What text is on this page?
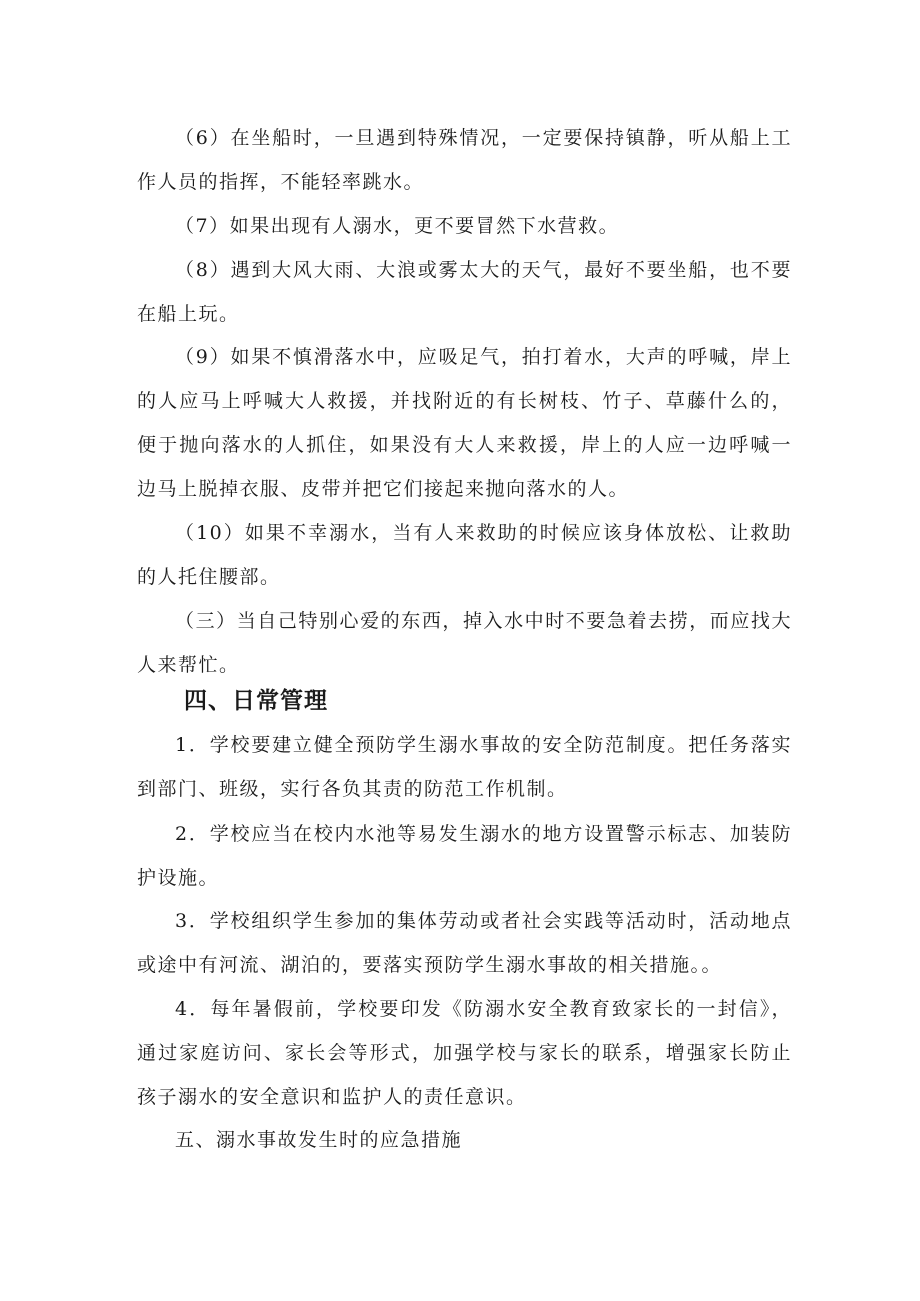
（6）在坐船时，一旦遇到特殊情况，一定要保持镇静，听从船上工作人员的指挥，不能轻率跳水。

（7）如果出现有人溺水，更不要冒然下水营救。

（8）遇到大风大雨、大浪或雾太大的天气，最好不要坐船，也不要在船上玩。

（9）如果不慎滑落水中，应吸足气，拍打着水，大声的呼喊，岸上的人应马上呼喊大人救援，并找附近的有长树枝、竹子、草藤什么的，便于抛向落水的人抓住，如果没有大人来救援，岸上的人应一边呼喊一边马上脱掉衣服、皮带并把它们接起来抛向落水的人。

（10）如果不幸溺水，当有人来救助的时候应该身体放松、让救助的人托住腰部。

（三）当自己特别心爱的东西，掉入水中时不要急着去捞，而应找大人来帮忙。

四、日常管理

1．学校要建立健全预防学生溺水事故的安全防范制度。把任务落实到部门、班级，实行各负其责的防范工作机制。

2．学校应当在校内水池等易发生溺水的地方设置警示标志、加装防护设施。

3．学校组织学生参加的集体劳动或者社会实践等活动时，活动地点或途中有河流、湖泊的，要落实预防学生溺水事故的相关措施。。

4．每年暑假前，学校要印发《防溺水安全教育致家长的一封信》，通过家庭访问、家长会等形式，加强学校与家长的联系，增强家长防止孩子溺水的安全意识和监护人的责任意识。

五、溺水事故发生时的应急措施
